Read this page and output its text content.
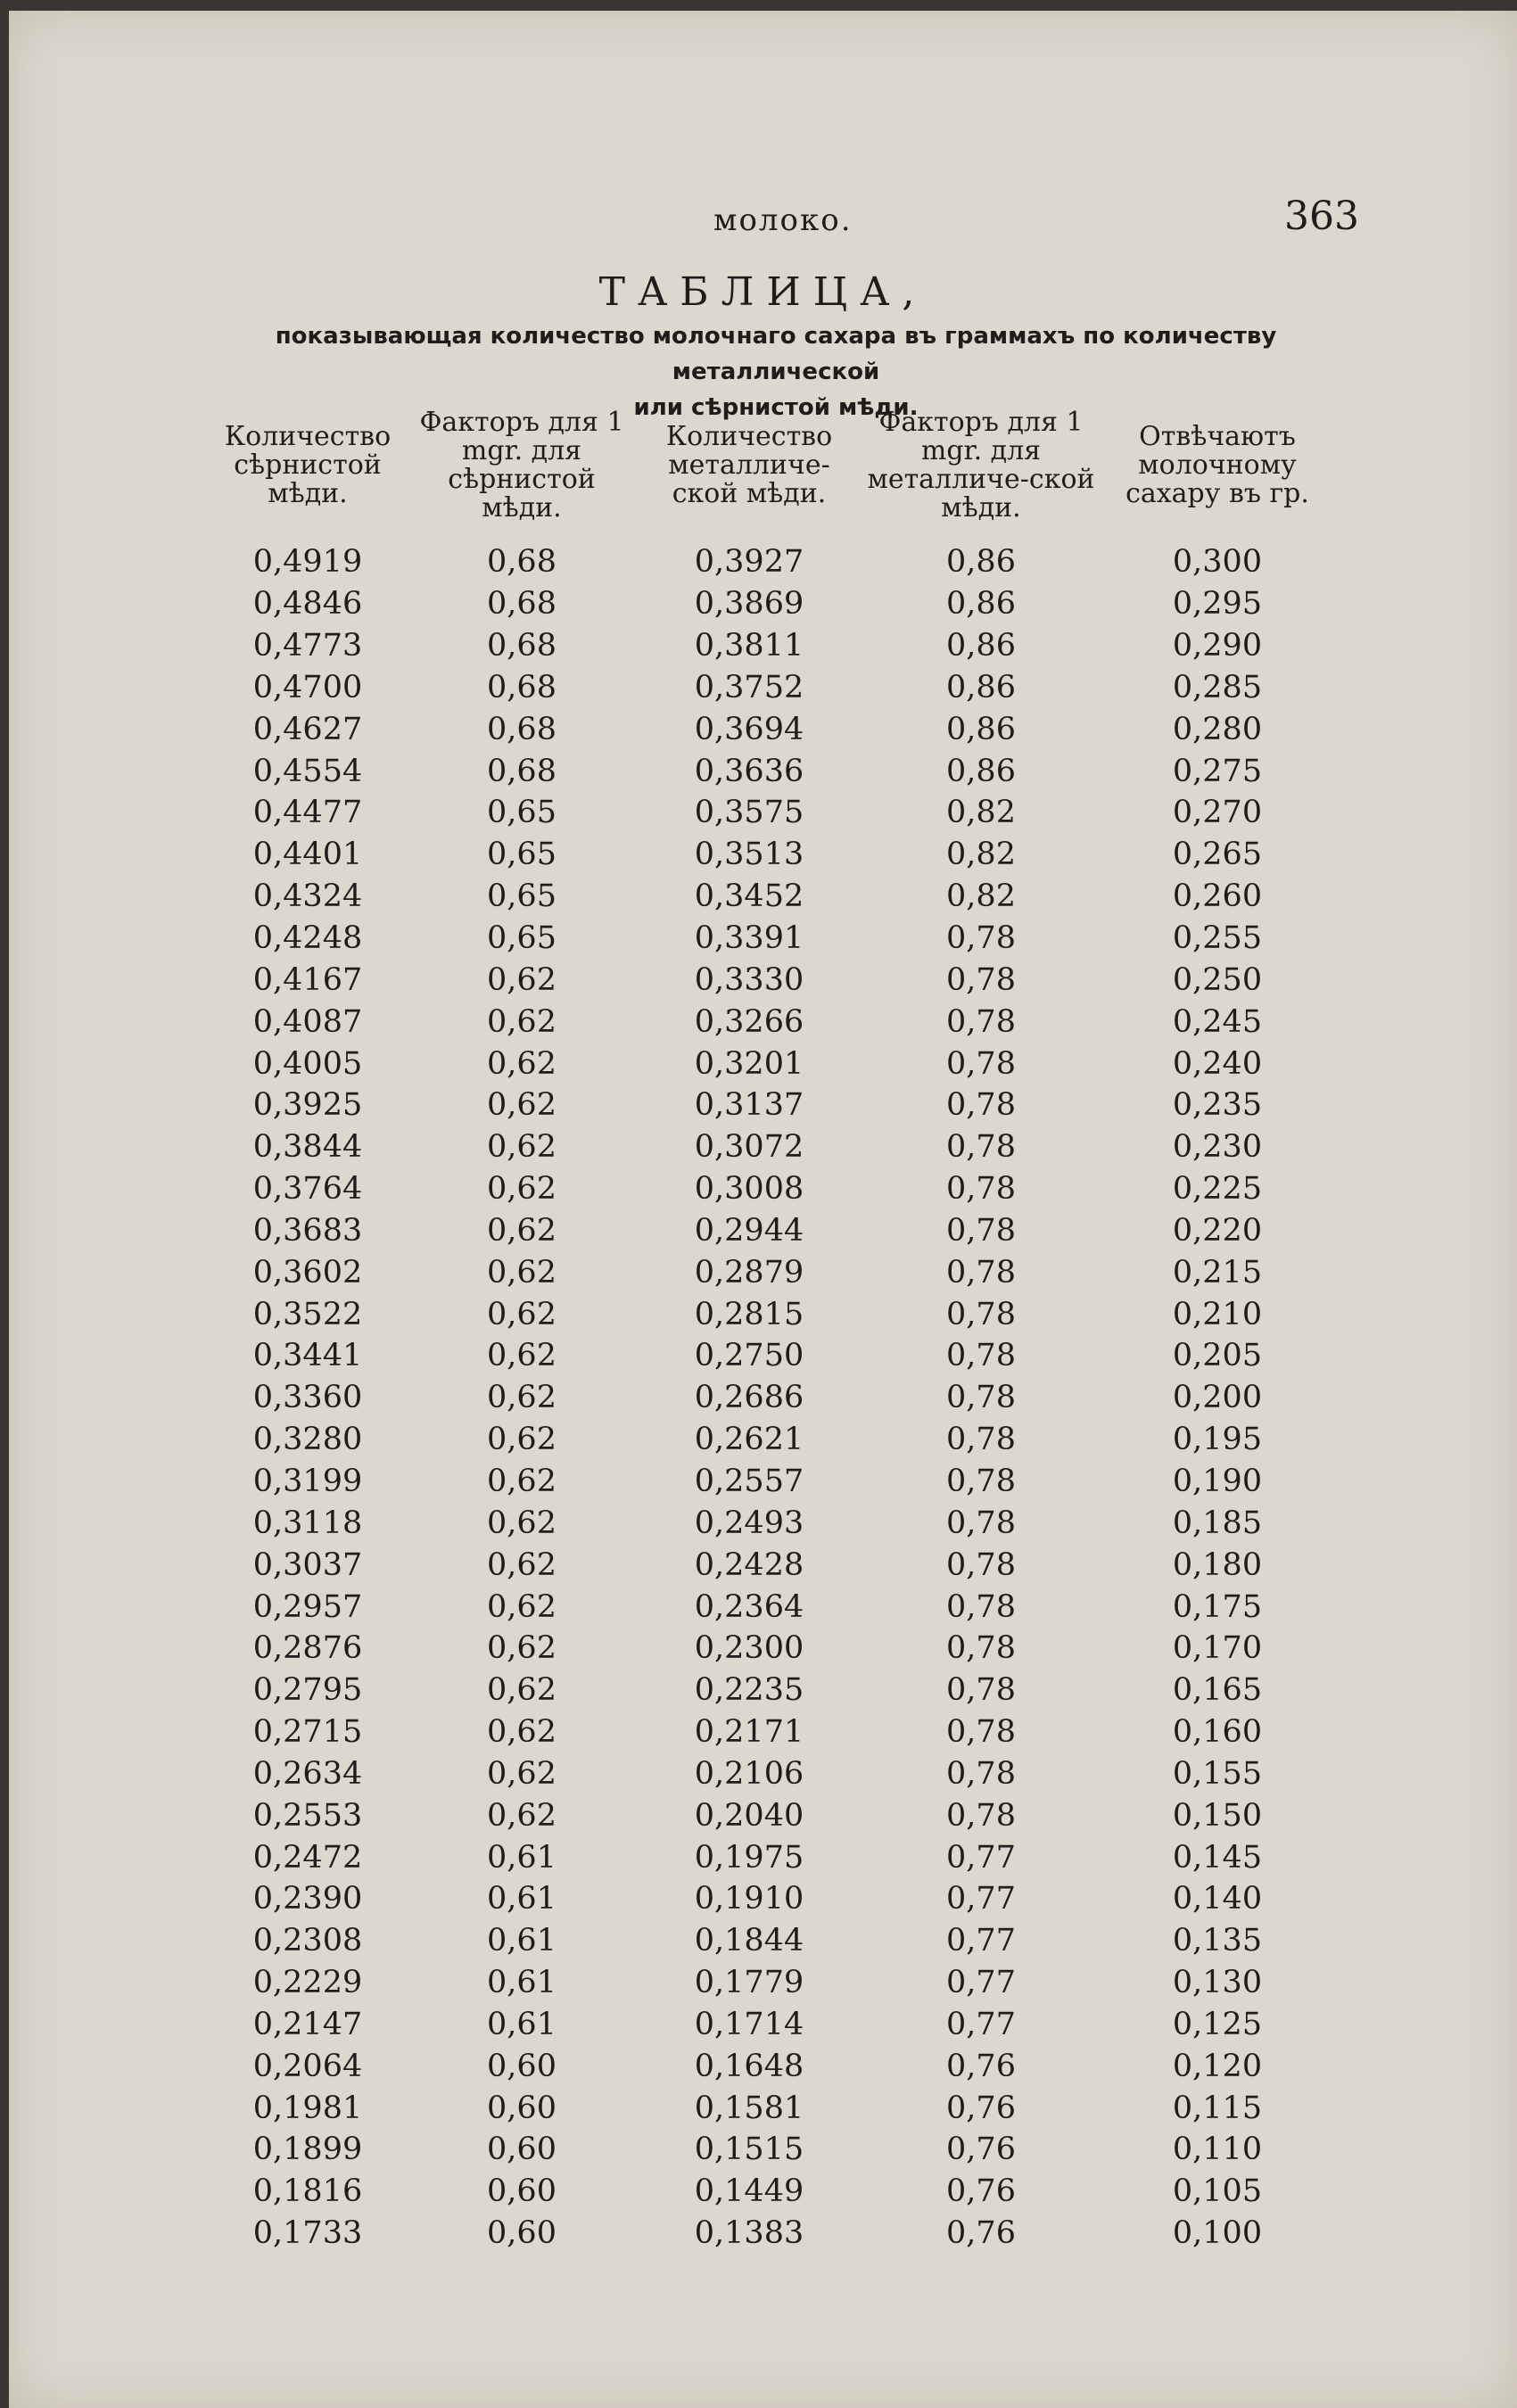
молоко.	363
ТАБЛИЦА,
показывающая количество молочнаго сахара въ граммахъ по количеству металлической
или сѣрнистой мѣди.
Количество сѣрнистой мѣди.	Факторъ для 1 mgr. для сѣрнистой мѣди.	Количество металличе-ской мѣди.	Факторъ для 1 mgr. для металличе-ской мѣди.	Отвѣчаютъ молочному сахару въ гр.
0,4919	0,68	0,3927	0,86	0,300
0,4846	0,68	0,3869	0,86	0,295
0,4773	0,68	0,3811	0,86	0,290
0,4700	0,68	0,3752	0,86	0,285
0,4627	0,68	0,3694	0,86	0,280
0,4554	0,68	0,3636	0,86	0,275
0,4477	0,65	0,3575	0,82	0,270
0,4401	0,65	0,3513	0,82	0,265
0,4324	0,65	0,3452	0,82	0,260
0,4248	0,65	0,3391	0,78	0,255
0,4167	0,62	0,3330	0,78	0,250
0,4087	0,62	0,3266	0,78	0,245
0,4005	0,62	0,3201	0,78	0,240
0,3925	0,62	0,3137	0,78	0,235
0,3844	0,62	0,3072	0,78	0,230
0,3764	0,62	0,3008	0,78	0,225
0,3683	0,62	0,2944	0,78	0,220
0,3602	0,62	0,2879	0,78	0,215
0,3522	0,62	0,2815	0,78	0,210
0,3441	0,62	0,2750	0,78	0,205
0,3360	0,62	0,2686	0,78	0,200
0,3280	0,62	0,2621	0,78	0,195
0,3199	0,62	0,2557	0,78	0,190
0,3118	0,62	0,2493	0,78	0,185
0,3037	0,62	0,2428	0,78	0,180
0,2957	0,62	0,2364	0,78	0,175
0,2876	0,62	0,2300	0,78	0,170
0,2795	0,62	0,2235	0,78	0,165
0,2715	0,62	0,2171	0,78	0,160
0,2634	0,62	0,2106	0,78	0,155
0,2553	0,62	0,2040	0,78	0,150
0,2472	0,61	0,1975	0,77	0,145
0,2390	0,61	0,1910	0,77	0,140
0,2308	0,61	0,1844	0,77	0,135
0,2229	0,61	0,1779	0,77	0,130
0,2147	0,61	0,1714	0,77	0,125
0,2064	0,60	0,1648	0,76	0,120
0,1981	0,60	0,1581	0,76	0,115
0,1899	0,60	0,1515	0,76	0,110
0,1816	0,60	0,1449	0,76	0,105
0,1733	0,60	0,1383	0,76	0,100
